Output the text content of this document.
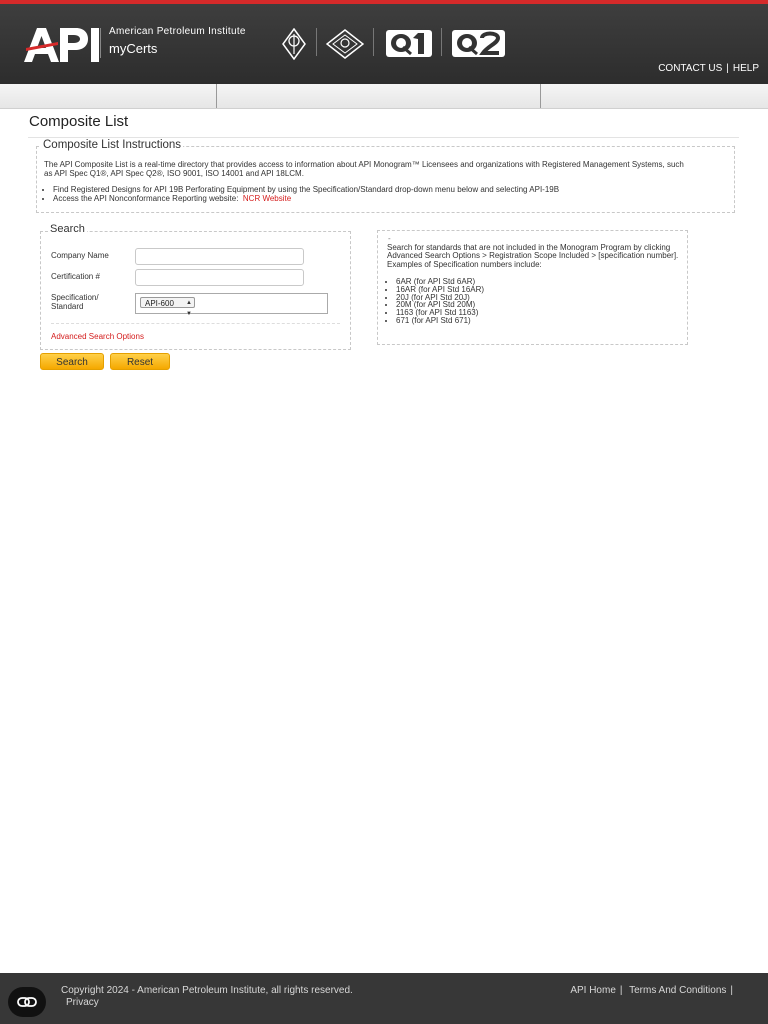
American Petroleum Institute
myCerts
CONTACT US | HELP
Composite List
Composite List Instructions
The API Composite List is a real-time directory that provides access to information about API Monogram™ Licensees and organizations with Registered Management Systems, such as API Spec Q1®, API Spec Q2®, ISO 9001, ISO 14001 and API 18LCM.
• Find Registered Designs for API 19B Perforating Equipment by using the Specification/Standard drop-down menu below and selecting API-19B
• Access the API Nonconformance Reporting website: NCR Website
Search
Company Name
Certification #
Specification/
Standard	API-600 ▲
▼
Advanced Search Options
Search	Reset
-
Search for standards that are not included in the Monogram Program by clicking Advanced Search Options > Registration Scope Included > [specification number]. Examples of Specification numbers include:
• 6AR (for API Std 6AR)
• 16AR (for API Std 16AR)
• 20J (for API Std 20J)
• 20M (for API Std 20M)
• 1163 (for API Std 1163)
• 671 (for API Std 671)
Copyright 2024 - American Petroleum Institute, all rights reserved.
Privacy
API Home | Terms And Conditions |
